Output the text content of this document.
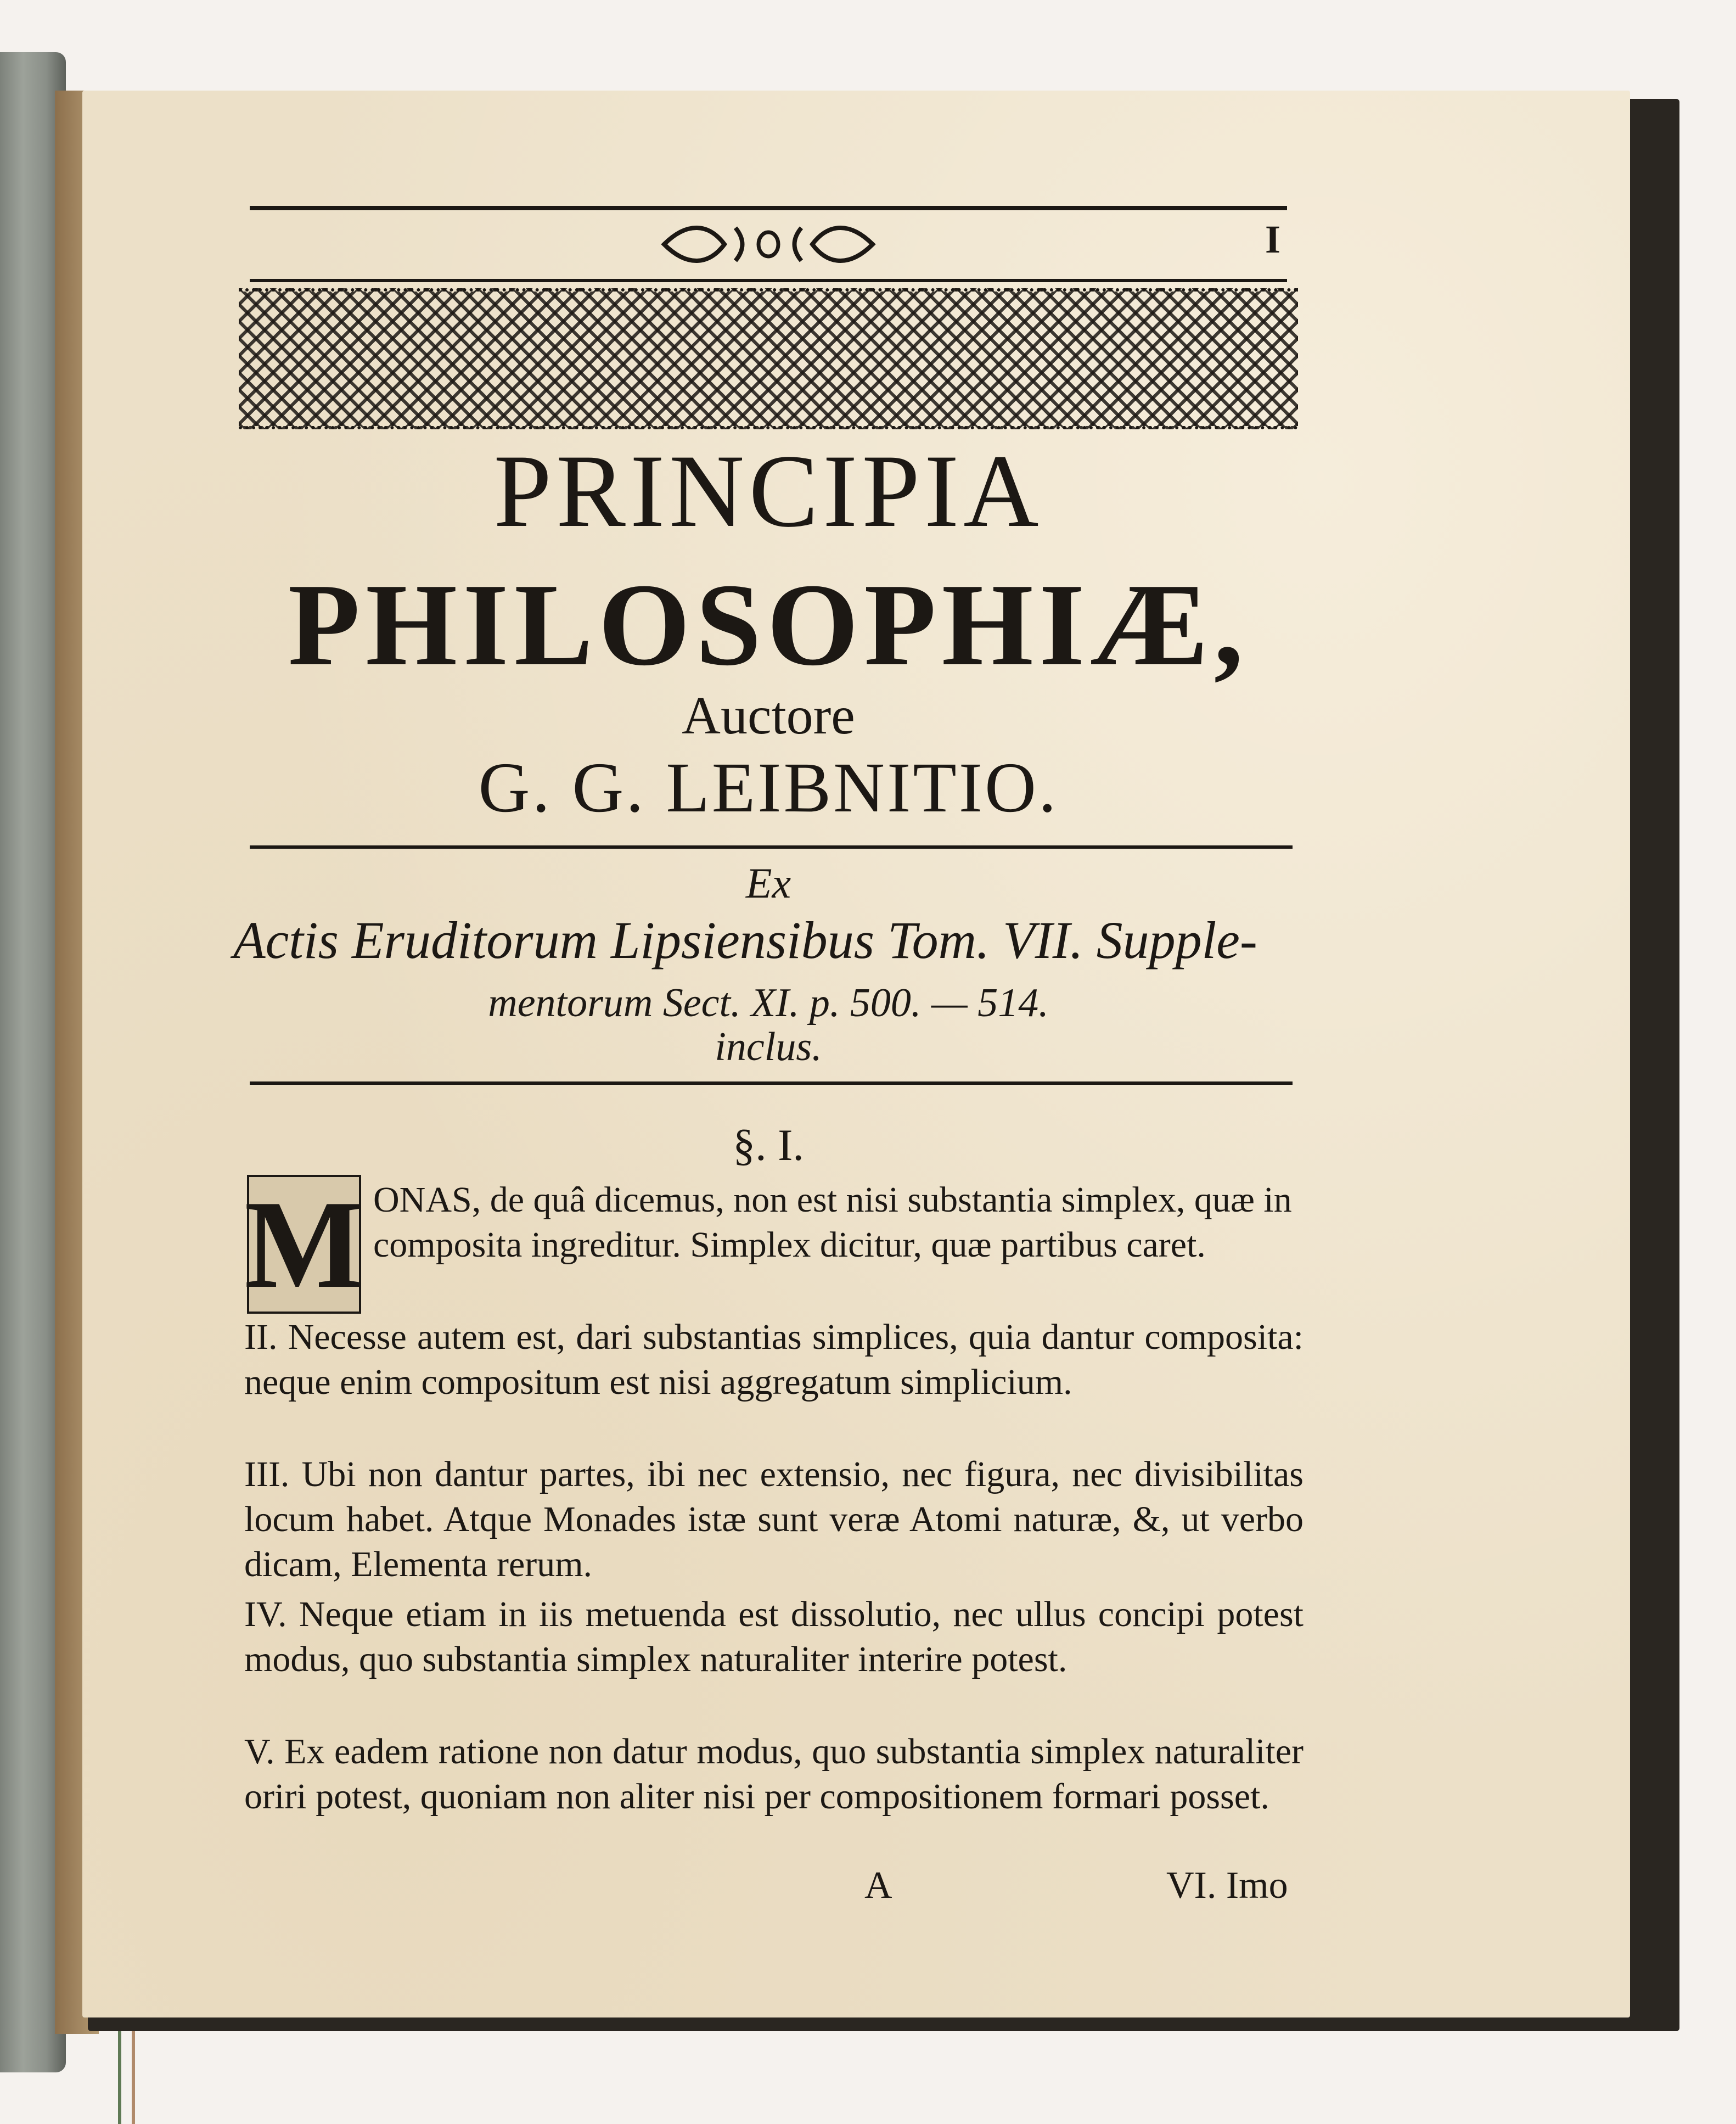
I
PRINCIPIA
PHILOSOPHIÆ,
Auctore
G. G. LEIBNITIO.
Ex
Actis Eruditorum Lipsiensibus Tom. VII. Supple-
mentorum Sect. XI. p. 500. — 514.
inclus.
§. I.
M ONAS, de quâ dicemus, non est nisi substantia simplex, quæ in composita ingreditur. Simplex dicitur, quæ partibus caret.
II. Necesse autem est, dari substantias simplices, quia dantur composita: neque enim compositum est nisi aggregatum simplicium.
III. Ubi non dantur partes, ibi nec extensio, nec figura, nec divisibilitas locum habet. Atque Monades istæ sunt veræ Atomi naturæ, &, ut verbo dicam, Elementa rerum.
IV. Neque etiam in iis metuenda est dissolutio, nec ullus concipi potest modus, quo substantia simplex naturaliter interire potest.
V. Ex eadem ratione non datur modus, quo substantia simplex naturaliter oriri potest, quoniam non aliter nisi per compositionem formari posset.
A	VI. Imo
